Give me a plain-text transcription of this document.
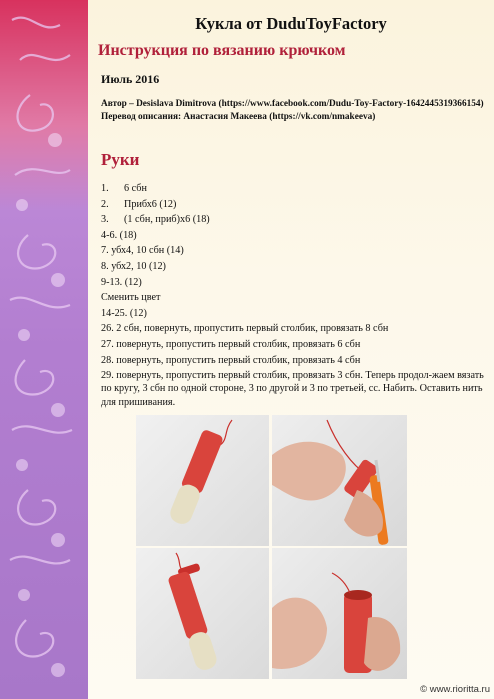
Кукла от DuduToyFactory
Инструкция по вязанию крючком
Июль 2016
Автор – Desislava Dimitrova (https://www.facebook.com/Dudu-Toy-Factory-1642445319366154)
Перевод описания: Анастасия Макеева (https://vk.com/nmakeeva)
Руки
1. 6 сбн
2. Прибх6 (12)
3. (1 сбн, приб)х6 (18)
4-6. (18)
7. убх4, 10 сбн (14)
8. убх2, 10 (12)
9-13. (12)
Сменить цвет
14-25. (12)
26. 2 сбн, повернуть, пропустить первый столбик, провязать 8 сбн
27. повернуть, пропустить первый столбик, провязать 6 сбн
28. повернуть, пропустить первый столбик, провязать 4 сбн
29. повернуть, пропустить первый столбик, провязать 3 сбн. Теперь продол-жаем вязать по кругу, 3 сбн по одной стороне, 3 по другой и 3 по третьей, сс. Набить. Оставить нить для пришивания.
© www.rioritta.ru
